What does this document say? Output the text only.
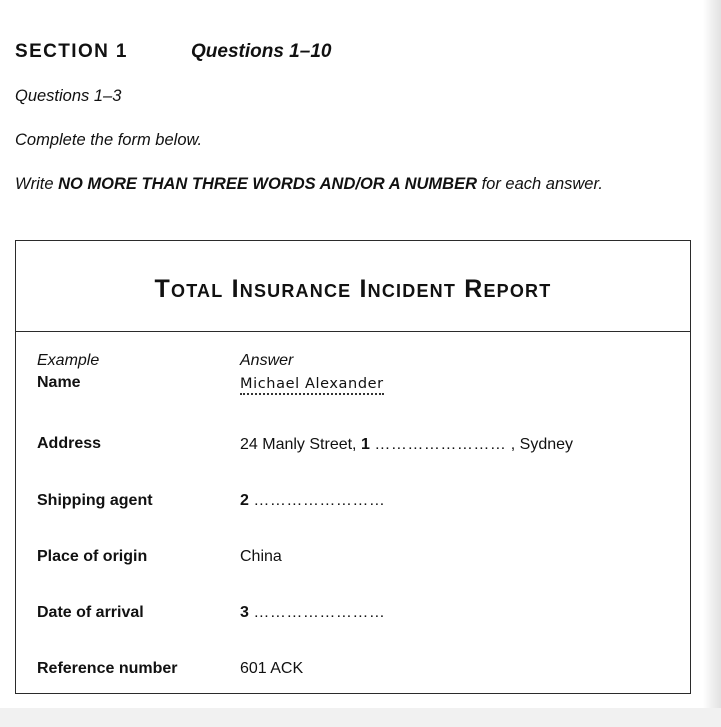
SECTION 1	Questions 1–10
Questions 1–3
Complete the form below.
Write NO MORE THAN THREE WORDS AND/OR A NUMBER for each answer.
Total Insurance Incident Report
Example	Answer
Name	Michael Alexander
Address	24 Manly Street, 1 …………………… , Sydney
Shipping agent	2 ……………………
Place of origin	China
Date of arrival	3 ……………………
Reference number	601 ACK
